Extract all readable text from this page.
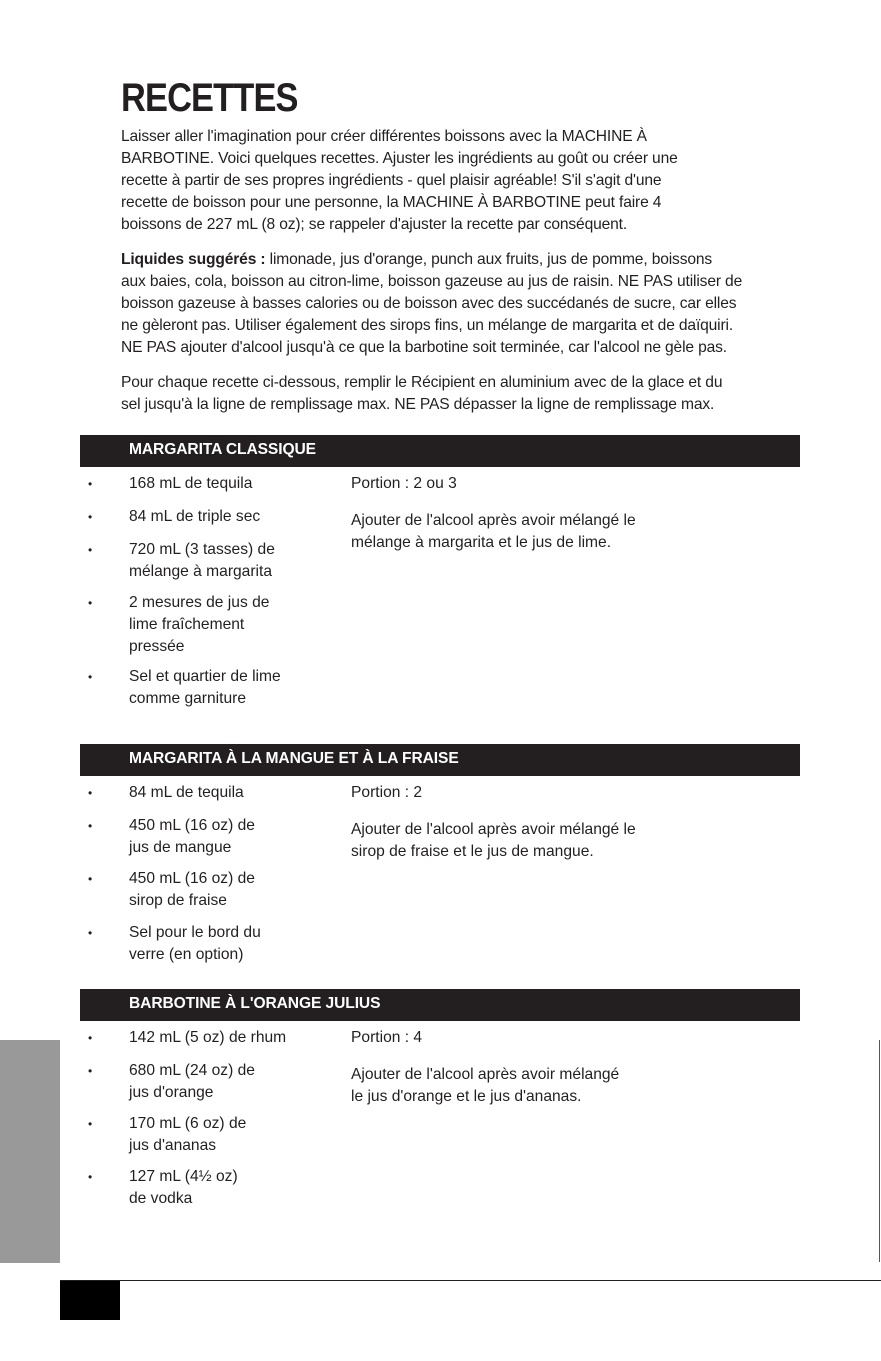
RECETTES
Laisser aller l'imagination pour créer différentes boissons avec la MACHINE À
BARBOTINE. Voici quelques recettes. Ajuster les ingrédients au goût ou créer une
recette à partir de ses propres ingrédients - quel plaisir agréable! S'il s'agit d'une
recette de boisson pour une personne, la MACHINE À BARBOTINE peut faire 4
boissons de 227 mL (8 oz); se rappeler d'ajuster la recette par conséquent.
Liquides suggérés : limonade, jus d'orange, punch aux fruits, jus de pomme, boissons
aux baies, cola, boisson au citron-lime, boisson gazeuse au jus de raisin. NE PAS utiliser de
boisson gazeuse à basses calories ou de boisson avec des succédanés de sucre, car elles
ne gèleront pas. Utiliser également des sirops fins, un mélange de margarita et de daïquiri.
NE PAS ajouter d'alcool jusqu'à ce que la barbotine soit terminée, car l'alcool ne gèle pas.
Pour chaque recette ci-dessous, remplir le Récipient en aluminium avec de la glace et du
sel jusqu'à la ligne de remplissage max. NE PAS dépasser la ligne de remplissage max.
MARGARITA CLASSIQUE
• 168 mL de tequila
• 84 mL de triple sec
• 720 mL (3 tasses) de
mélange à margarita
• 2 mesures de jus de
lime fraîchement
pressée
• Sel et quartier de lime
comme garniture
Portion : 2 ou 3
Ajouter de l'alcool après avoir mélangé le
mélange à margarita et le jus de lime.
MARGARITA À LA MANGUE ET À LA FRAISE
• 84 mL de tequila
• 450 mL (16 oz) de
jus de mangue
• 450 mL (16 oz) de
sirop de fraise
• Sel pour le bord du
verre (en option)
Portion : 2
Ajouter de l'alcool après avoir mélangé le
sirop de fraise et le jus de mangue.
BARBOTINE À L'ORANGE JULIUS
• 142 mL (5 oz) de rhum
• 680 mL (24 oz) de
jus d'orange
• 170 mL (6 oz) de
jus d'ananas
• 127 mL (4½ oz)
de vodka
Portion : 4
Ajouter de l'alcool après avoir mélangé
le jus d'orange et le jus d'ananas.
